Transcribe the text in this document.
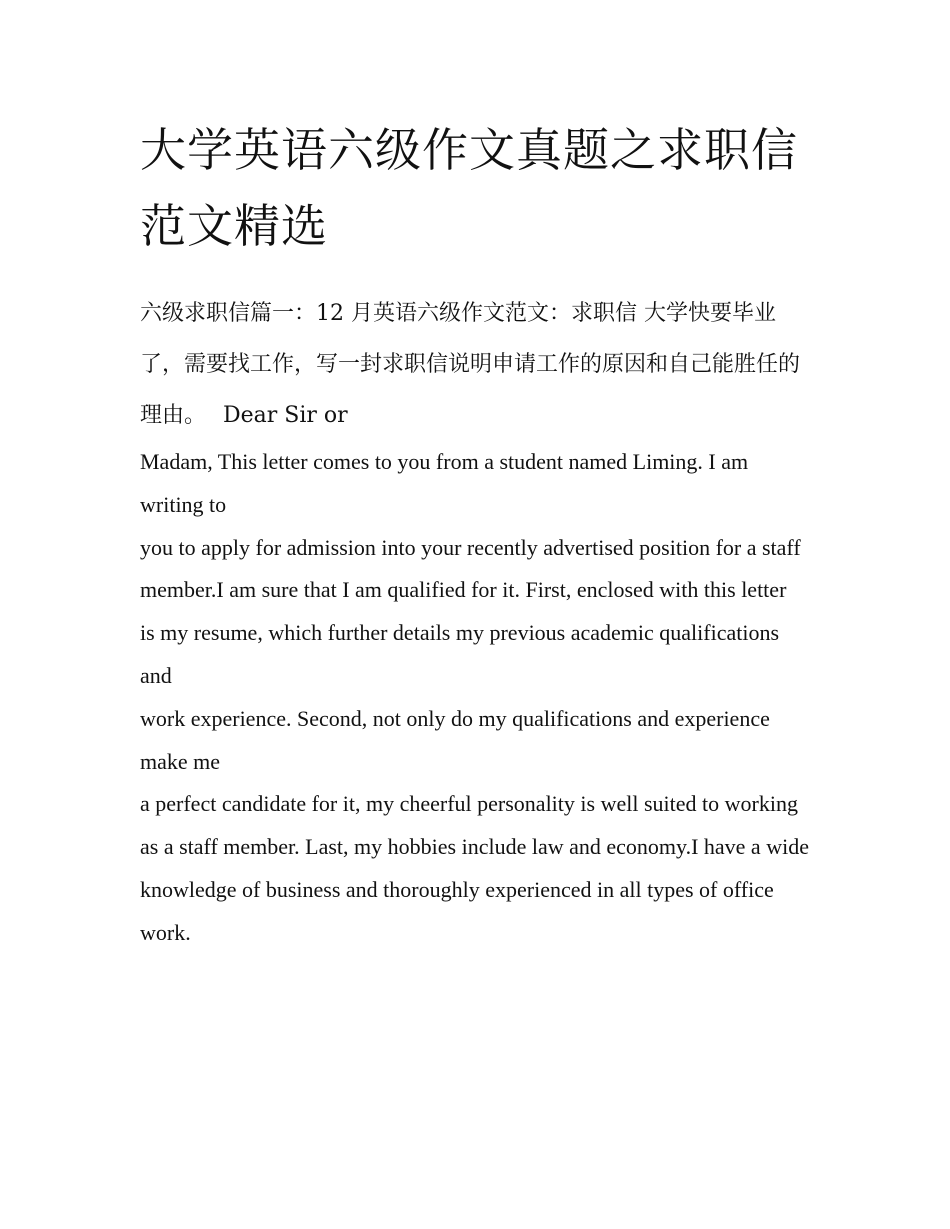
大学英语六级作文真题之求职信范文精选

六级求职信篇一：12 月英语六级作文范文：求职信 大学快要毕业了，需要找工作，写一封求职信说明申请工作的原因和自己能胜任的理由。 Dear Sir or

Madam, This letter comes to you from a student named Liming. I am writing to

you to apply for admission into your recently advertised position for a staff

member.I am sure that I am qualified for it. First, enclosed with this letter

is my resume, which further details my previous academic qualifications and

work experience. Second, not only do my qualifications and experience make me

a perfect candidate for it, my cheerful personality is well suited to working

as a staff member. Last, my hobbies include law and economy.I have a wide

knowledge of business and thoroughly experienced in all types of office work.
